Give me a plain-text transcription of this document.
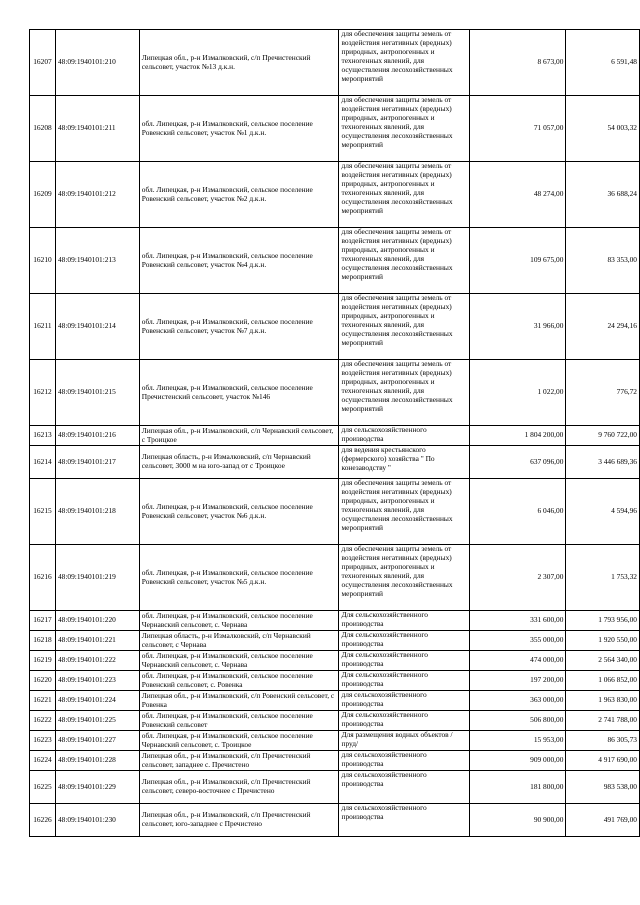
16207	48:09:1940101:210	Липецкая обл., р-н Измалковский, с/п Пречистенский сельсовет, участок №13 д.к.н.	для обеспечения защиты земель от воздействия негативных (вредных) природных, антропогенных и техногенных явлений, для осуществления лесохозяйственных мероприятий	8 673,00	6 591,48
16208	48:09:1940101:211	обл. Липецкая, р-н Измалковский, сельское поселение Ровенский сельсовет, участок №1 д.к.н.	для обеспечения защиты земель от воздействия негативных (вредных) природных, антропогенных и техногенных явлений, для осуществления лесохозяйственных мероприятий	71 057,00	54 003,32
16209	48:09:1940101:212	обл. Липецкая, р-н Измалковский, сельское поселение Ровенский сельсовет, участок №2 д.к.н.	для обеспечения защиты земель от воздействия негативных (вредных) природных, антропогенных и техногенных явлений, для осуществления лесохозяйственных мероприятий	48 274,00	36 688,24
16210	48:09:1940101:213	обл. Липецкая, р-н Измалковский, сельское поселение Ровенский сельсовет, участок №4 д.к.н.	для обеспечения защиты земель от воздействия негативных (вредных) природных, антропогенных и техногенных явлений, для осуществления лесохозяйственных мероприятий	109 675,00	83 353,00
16211	48:09:1940101:214	обл. Липецкая, р-н Измалковский, сельское поселение Ровенский сельсовет, участок №7 д.к.н.	для обеспечения защиты земель от воздействия негативных (вредных) природных, антропогенных и техногенных явлений, для осуществления лесохозяйственных мероприятий	31 966,00	24 294,16
16212	48:09:1940101:215	обл. Липецкая, р-н Измалковский, сельское поселение Пречистенский сельсовет, участок №146	для обеспечения защиты земель от воздействия негативных (вредных) природных, антропогенных и техногенных явлений, для осуществления лесохозяйственных мероприятий	1 022,00	776,72
16213	48:09:1940101:216	Липецкая обл., р-н Измалковский, с/п Чернавский сельсовет, с Троицкое	для сельскохозяйственного производства	1 804 200,00	9 760 722,00
16214	48:09:1940101:217	Липецкая область, р-н Измалковский, с/п Чернавский сельсовет, 3000 м на юго-запад от с Троицкое	для ведения крестьянского (фермерского) хозяйства " По конезаводству "	637 096,00	3 446 689,36
16215	48:09:1940101:218	обл. Липецкая, р-н Измалковский, сельское поселение Ровенский сельсовет, участок №6 д.к.н.	для обеспечения защиты земель от воздействия негативных (вредных) природных, антропогенных и техногенных явлений, для осуществления лесохозяйственных мероприятий	6 046,00	4 594,96
16216	48:09:1940101:219	обл. Липецкая, р-н Измалковский, сельское поселение Ровенский сельсовет, участок №5 д.к.н.	для обеспечения защиты земель от воздействия негативных (вредных) природных, антропогенных и техногенных явлений, для осуществления лесохозяйственных мероприятий	2 307,00	1 753,32
16217	48:09:1940101:220	обл. Липецкая, р-н Измалковский, сельское поселение Чернавский сельсовет, с. Чернава	Для сельскохозяйственного производства	331 600,00	1 793 956,00
16218	48:09:1940101:221	Липецкая область, р-н Измалковский, с/п Чернавский сельсовет, с Чернава	Для сельскохозяйственного производства	355 000,00	1 920 550,00
16219	48:09:1940101:222	обл. Липецкая, р-н Измалковский, сельское поселение Чернавский сельсовет, с. Чернава	Для сельскохозяйственного производства	474 000,00	2 564 340,00
16220	48:09:1940101:223	обл. Липецкая, р-н Измалковский, сельское поселение Ровенский сельсовет, с. Ровенка	Для сельскохозяйственного производства	197 200,00	1 066 852,00
16221	48:09:1940101:224	Липецкая обл., р-н Измалковский, с/п Ровенский сельсовет, с Ровенка	для сельскохозяйственного производства	363 000,00	1 963 830,00
16222	48:09:1940101:225	обл. Липецкая, р-н Измалковский, сельское поселение Ровенский сельсовет	Для сельскохозяйственного производства	506 800,00	2 741 788,00
16223	48:09:1940101:227	обл. Липецкая, р-н Измалковский, сельское поселение Чернавский сельсовет, с. Троицкое	Для размещения водных объектов /пруд/	15 953,00	86 305,73
16224	48:09:1940101:228	Липецкая обл., р-н Измалковский, с/п Пречистенский сельсовет, западнее с. Пречистено	для сельскохозяйственного производства	909 000,00	4 917 690,00
16225	48:09:1940101:229	Липецкая обл., р-н Измалковский, с/п Пречистенский сельсовет, северо-восточнее с Пречистено	для сельскохозяйственного производства	181 800,00	983 538,00
16226	48:09:1940101:230	Липецкая обл., р-н Измалковский, с/п Пречистенский сельсовет, юго-западнее с Пречистено	для сельскохозяйственного производства	90 900,00	491 769,00
